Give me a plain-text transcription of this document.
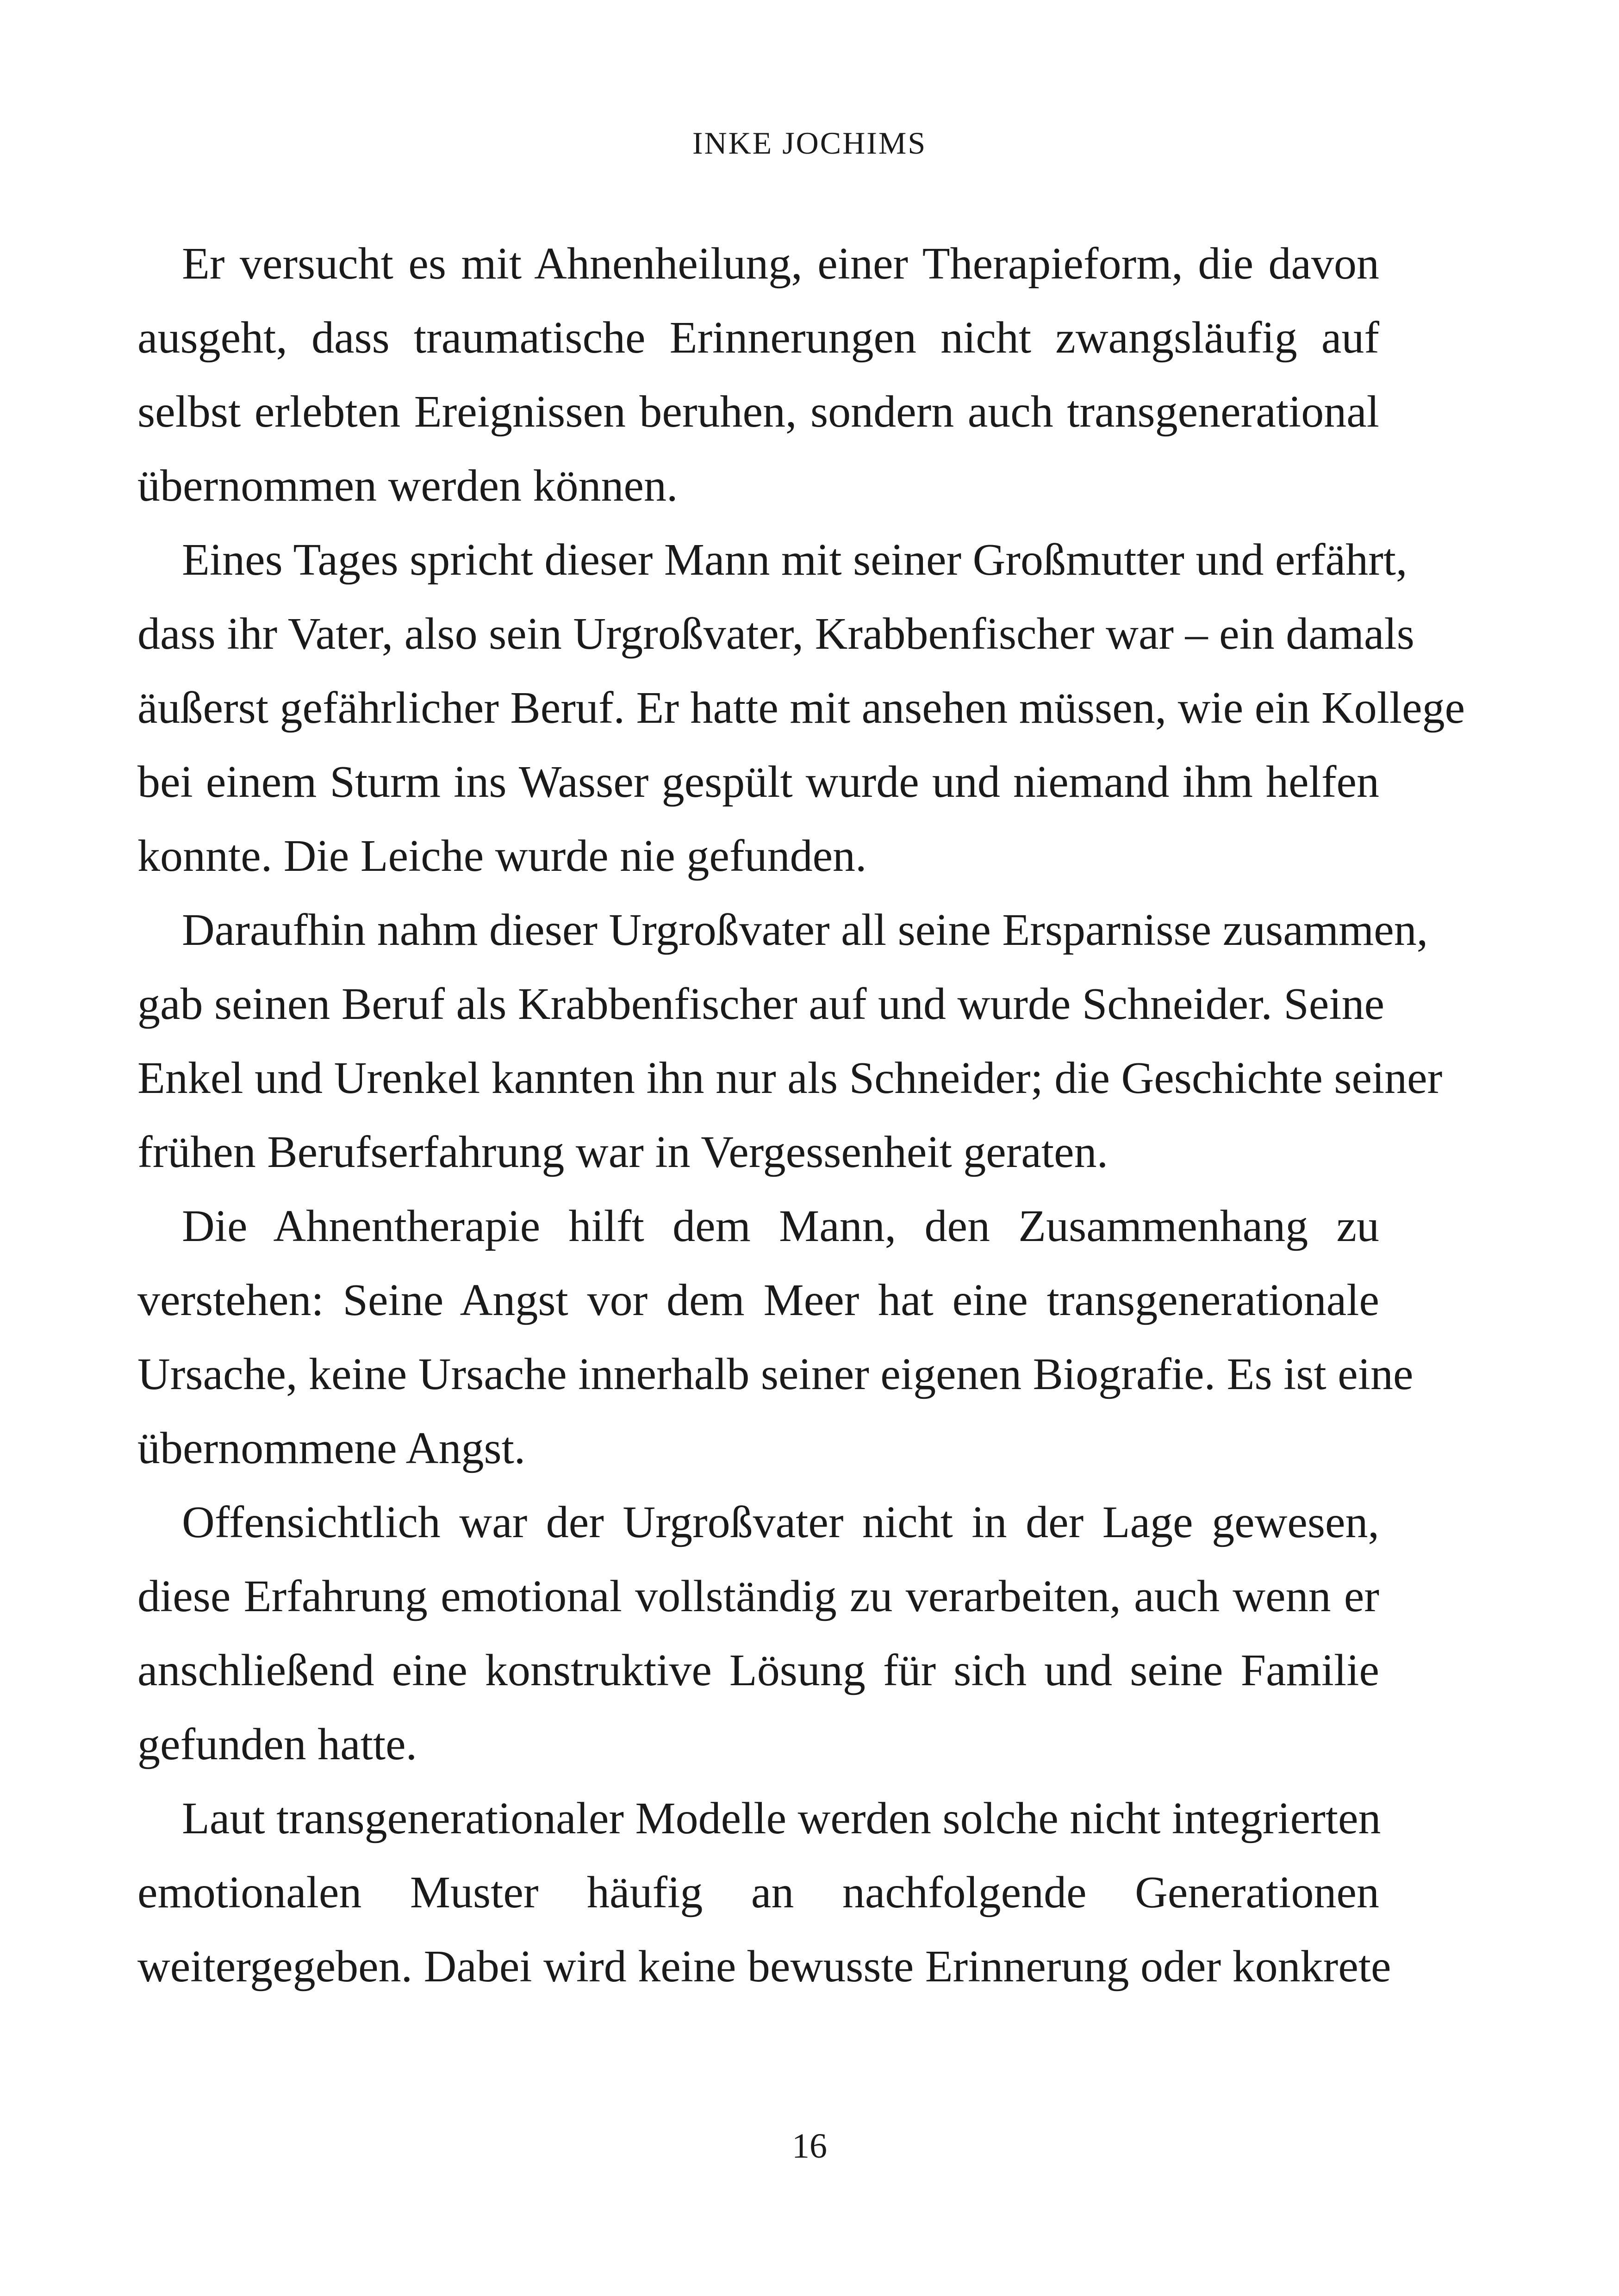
INKE JOCHIMS

Er versucht es mit Ahnenheilung, einer Therapieform, die davon
ausgeht, dass traumatische Erinnerungen nicht zwangsläufig auf
selbst erlebten Ereignissen beruhen, sondern auch transgenerational
übernommen werden können.

Eines Tages spricht dieser Mann mit seiner Großmutter und erfährt,
dass ihr Vater, also sein Urgroßvater, Krabbenfischer war – ein damals
äußerst gefährlicher Beruf. Er hatte mit ansehen müssen, wie ein Kollege
bei einem Sturm ins Wasser gespült wurde und niemand ihm helfen
konnte. Die Leiche wurde nie gefunden.

Daraufhin nahm dieser Urgroßvater all seine Ersparnisse zusammen,
gab seinen Beruf als Krabbenfischer auf und wurde Schneider. Seine
Enkel und Urenkel kannten ihn nur als Schneider; die Geschichte seiner
frühen Berufserfahrung war in Vergessenheit geraten.

Die Ahnentherapie hilft dem Mann, den Zusammenhang zu
verstehen: Seine Angst vor dem Meer hat eine transgenerationale
Ursache, keine Ursache innerhalb seiner eigenen Biografie. Es ist eine
übernommene Angst.

Offensichtlich war der Urgroßvater nicht in der Lage gewesen,
diese Erfahrung emotional vollständig zu verarbeiten, auch wenn er
anschließend eine konstruktive Lösung für sich und seine Familie
gefunden hatte.

Laut transgenerationaler Modelle werden solche nicht integrierten
emotionalen Muster häufig an nachfolgende Generationen
weitergegeben. Dabei wird keine bewusste Erinnerung oder konkrete

16
